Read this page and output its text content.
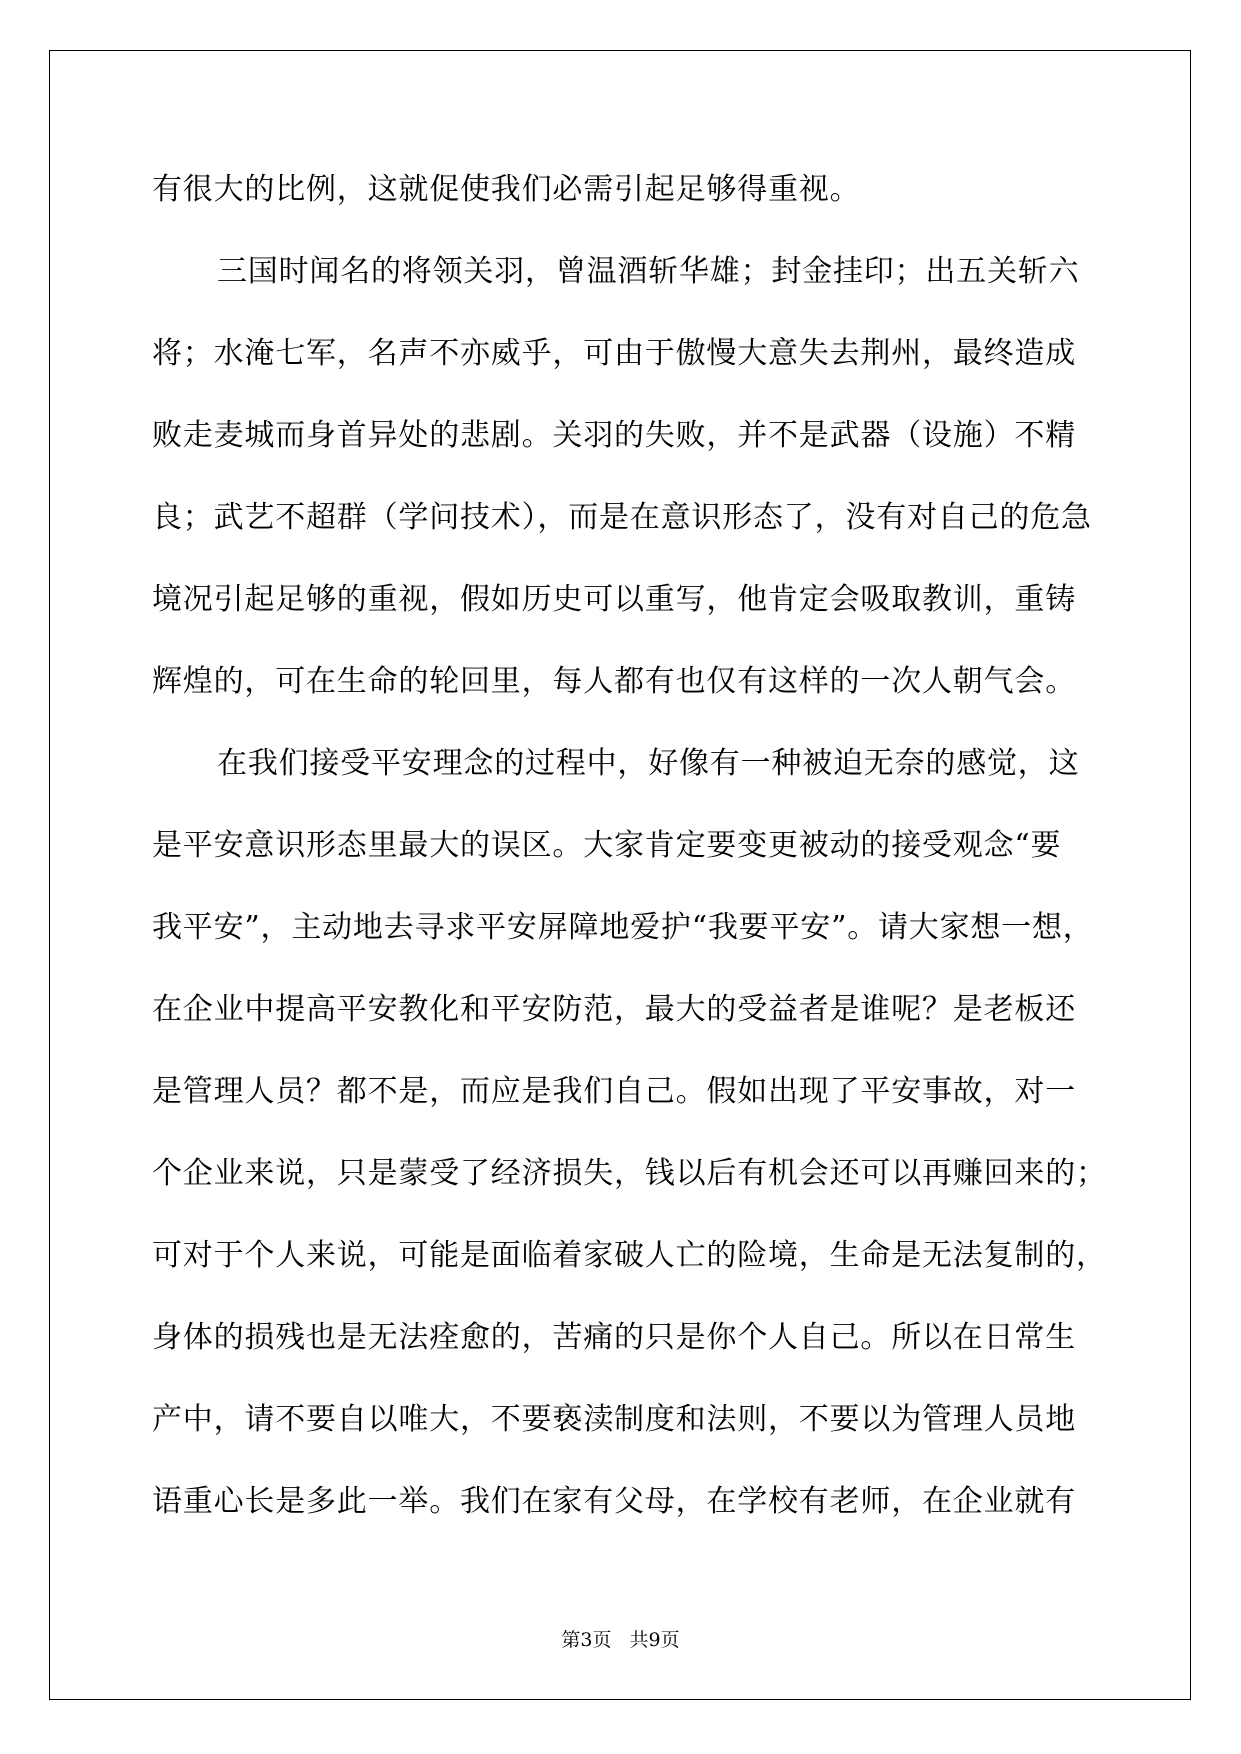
有很大的比例，这就促使我们必需引起足够得重视。
三国时闻名的将领关羽，曾温酒斩华雄；封金挂印；出五关斩六
将；水淹七军，名声不亦威乎，可由于傲慢大意失去荆州，最终造成
败走麦城而身首异处的悲剧。关羽的失败，并不是武器（设施）不精
良；武艺不超群（学问技术），而是在意识形态了，没有对自己的危急
境况引起足够的重视，假如历史可以重写，他肯定会吸取教训，重铸
辉煌的，可在生命的轮回里，每人都有也仅有这样的一次人朝气会。
在我们接受平安理念的过程中，好像有一种被迫无奈的感觉，这
是平安意识形态里最大的误区。大家肯定要变更被动的接受观念“要
我平安”，主动地去寻求平安屏障地爱护“我要平安”。请大家想一想，
在企业中提高平安教化和平安防范，最大的受益者是谁呢？是老板还
是管理人员？都不是，而应是我们自己。假如出现了平安事故，对一
个企业来说，只是蒙受了经济损失，钱以后有机会还可以再赚回来的；
可对于个人来说，可能是面临着家破人亡的险境，生命是无法复制的，
身体的损残也是无法痊愈的，苦痛的只是你个人自己。所以在日常生
产中，请不要自以唯大，不要亵渎制度和法则，不要以为管理人员地
语重心长是多此一举。我们在家有父母，在学校有老师，在企业就有
第3页 共9页
